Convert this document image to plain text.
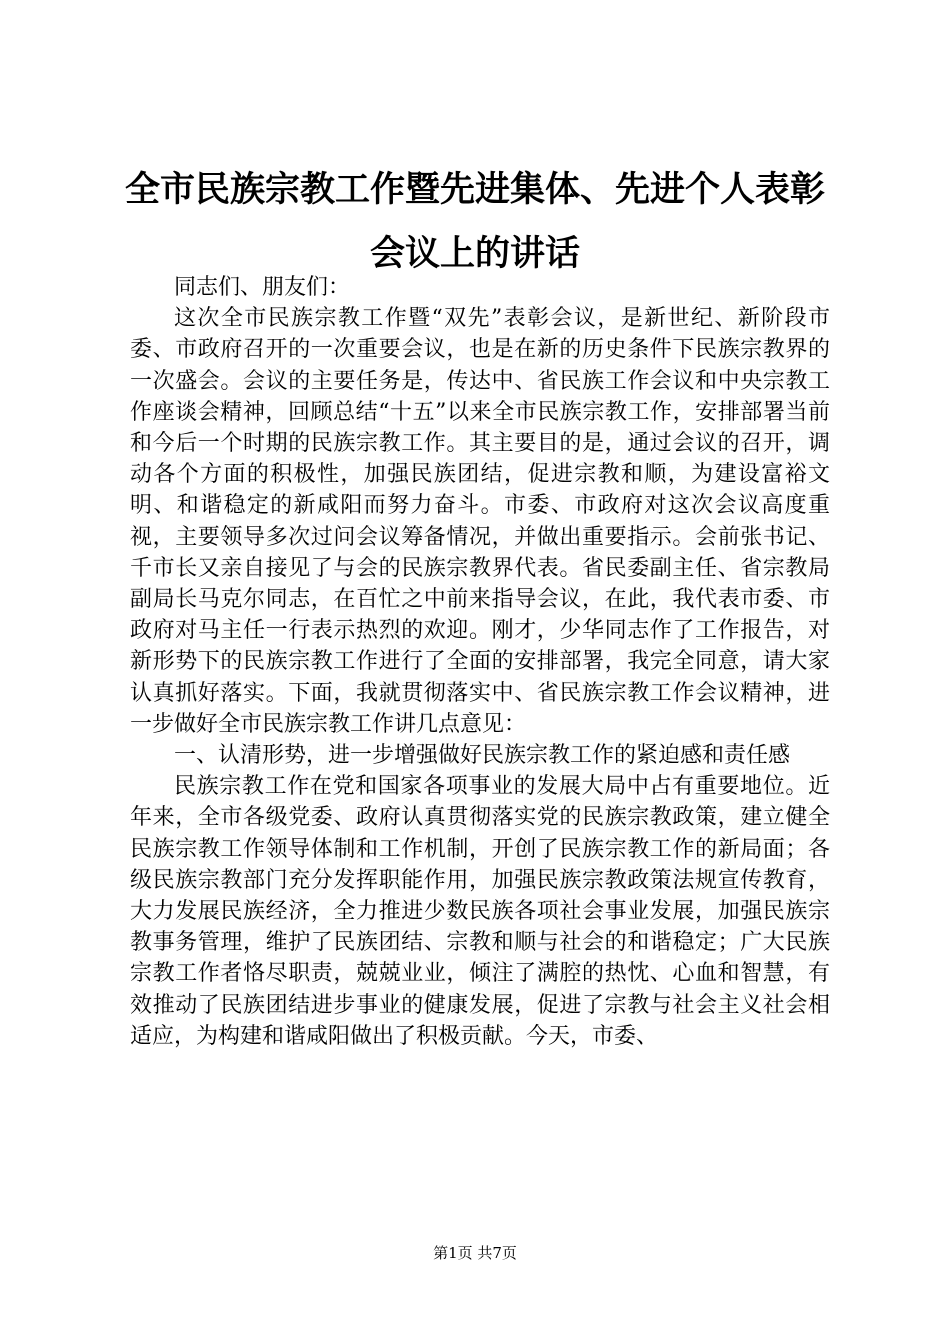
全市民族宗教工作暨先进集体、先进个人表彰
会议上的讲话

同志们、朋友们：

这次全市民族宗教工作暨“双先”表彰会议，是新世纪、新阶段市委、市政府召开的一次重要会议，也是在新的历史条件下民族宗教界的一次盛会。会议的主要任务是，传达中、省民族工作会议和中央宗教工作座谈会精神，回顾总结“十五”以来全市民族宗教工作，安排部署当前和今后一个时期的民族宗教工作。其主要目的是，通过会议的召开，调动各个方面的积极性，加强民族团结，促进宗教和顺，为建设富裕文明、和谐稳定的新咸阳而努力奋斗。市委、市政府对这次会议高度重视，主要领导多次过问会议筹备情况，并做出重要指示。会前张书记、千市长又亲自接见了与会的民族宗教界代表。省民委副主任、省宗教局副局长马克尔同志，在百忙之中前来指导会议，在此，我代表市委、市政府对马主任一行表示热烈的欢迎。刚才，少华同志作了工作报告，对新形势下的民族宗教工作进行了全面的安排部署，我完全同意，请大家认真抓好落实。下面，我就贯彻落实中、省民族宗教工作会议精神，进一步做好全市民族宗教工作讲几点意见：

一、认清形势，进一步增强做好民族宗教工作的紧迫感和责任感

民族宗教工作在党和国家各项事业的发展大局中占有重要地位。近年来，全市各级党委、政府认真贯彻落实党的民族宗教政策，建立健全民族宗教工作领导体制和工作机制，开创了民族宗教工作的新局面；各级民族宗教部门充分发挥职能作用，加强民族宗教政策法规宣传教育，大力发展民族经济，全力推进少数民族各项社会事业发展，加强民族宗教事务管理，维护了民族团结、宗教和顺与社会的和谐稳定；广大民族宗教工作者恪尽职责，兢兢业业，倾注了满腔的热忱、心血和智慧，有效推动了民族团结进步事业的健康发展，促进了宗教与社会主义社会相适应，为构建和谐咸阳做出了积极贡献。今天，市委、

第1页 共7页
